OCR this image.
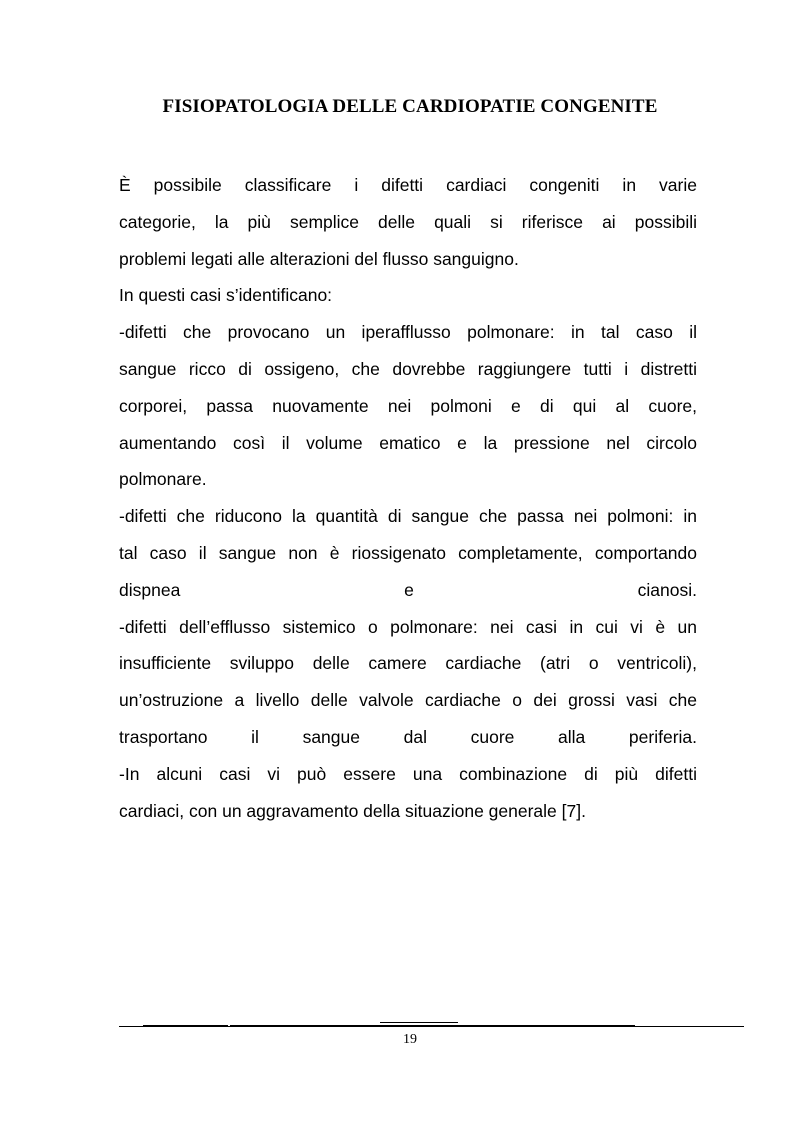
FISIOPATOLOGIA DELLE CARDIOPATIE CONGENITE
È possibile classificare i difetti cardiaci congeniti in varie
categorie, la più semplice delle quali si riferisce ai possibili
problemi legati alle alterazioni del flusso sanguigno.
In questi casi s’identificano:
-difetti che provocano un iperafflusso polmonare: in tal caso il
sangue ricco di ossigeno, che dovrebbe raggiungere tutti i distretti
corporei, passa nuovamente nei polmoni e di qui al cuore,
aumentando così il volume ematico e la pressione nel circolo
polmonare.
-difetti che riducono la quantità di sangue che passa nei polmoni: in
tal caso il sangue non è riossigenato completamente, comportando
dispnea e cianosi.
-difetti dell’efflusso sistemico o polmonare: nei casi in cui vi è un
insufficiente sviluppo delle camere cardiache (atri o ventricoli),
un’ostruzione a livello delle valvole cardiache o dei grossi vasi che
trasportano il sangue dal cuore alla periferia.
-In alcuni casi vi può essere una combinazione di più difetti
cardiaci, con un aggravamento della situazione generale [7].
19
